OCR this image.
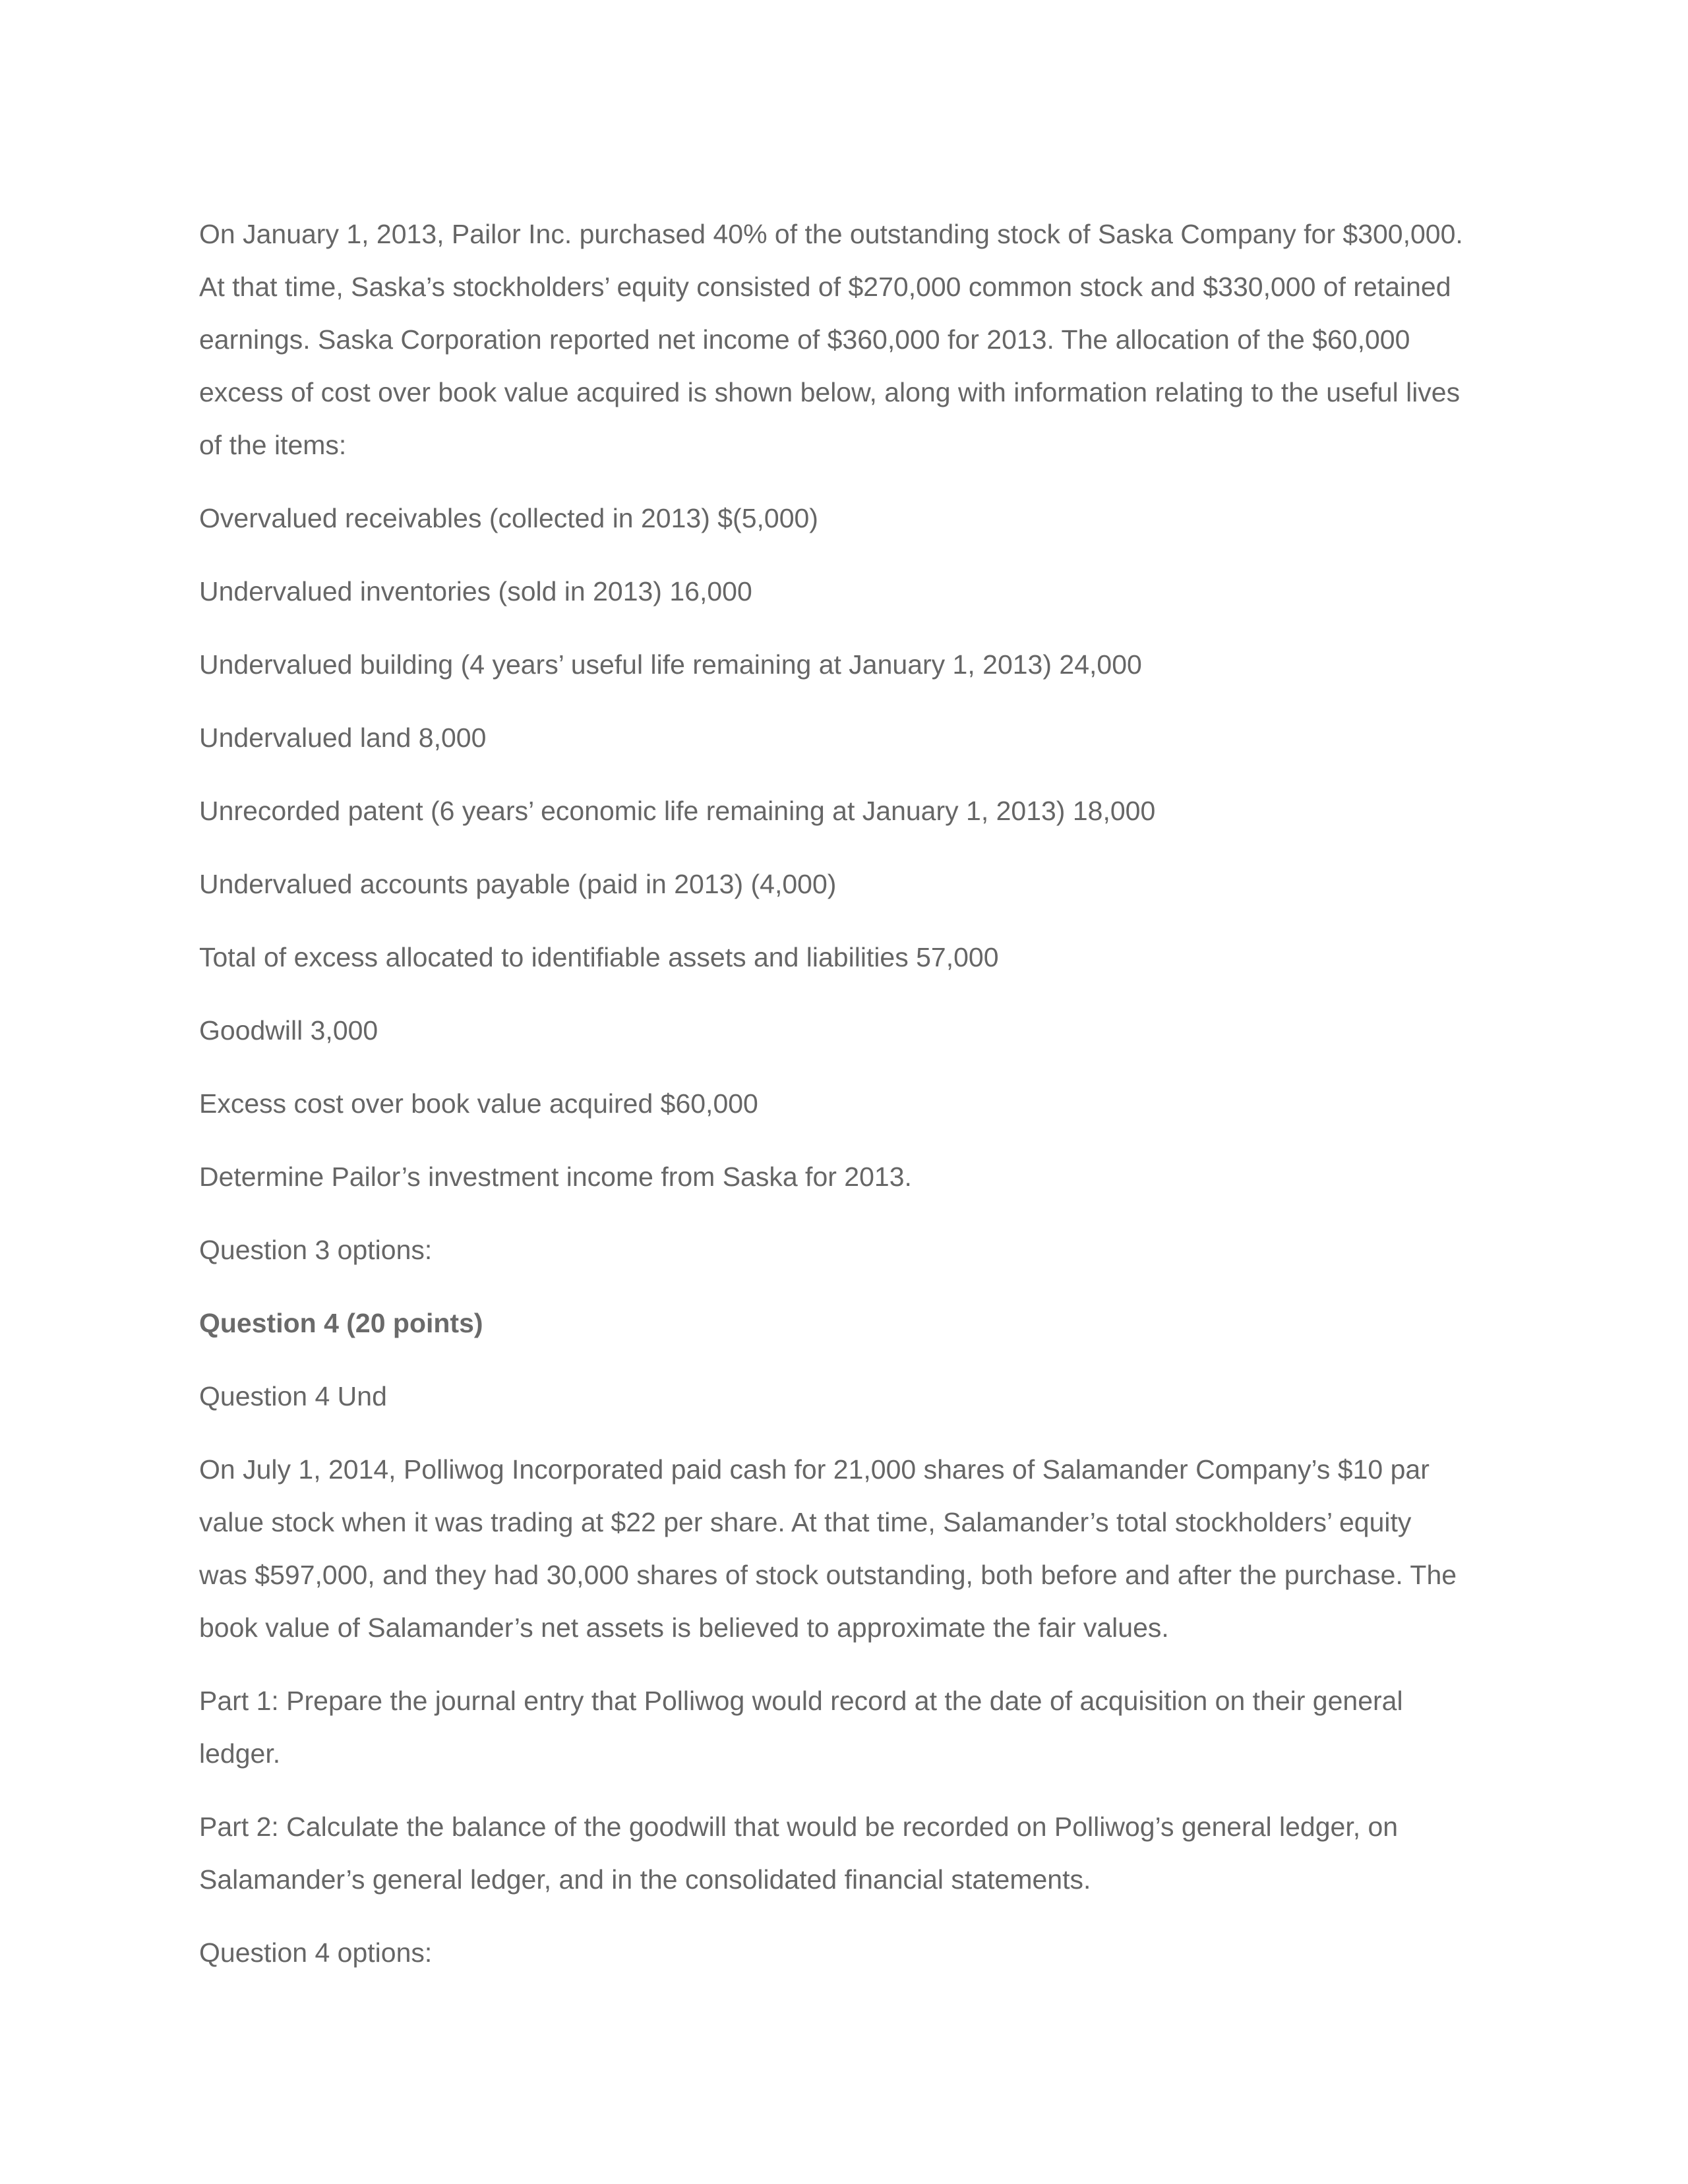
On January 1, 2013, Pailor Inc. purchased 40% of the outstanding stock of Saska Company for $300,000.

At that time, Saska’s stockholders’ equity consisted of $270,000 common stock and $330,000 of retained

earnings. Saska Corporation reported net income of $360,000 for 2013. The allocation of the $60,000

excess of cost over book value acquired is shown below, along with information relating to the useful lives

of the items:

Overvalued receivables (collected in 2013) $(5,000)

Undervalued inventories (sold in 2013) 16,000

Undervalued building (4 years’ useful life remaining at January 1, 2013) 24,000

Undervalued land 8,000

Unrecorded patent (6 years’ economic life remaining at January 1, 2013) 18,000

Undervalued accounts payable (paid in 2013) (4,000)

Total of excess allocated to identifiable assets and liabilities 57,000

Goodwill 3,000

Excess cost over book value acquired $60,000

Determine Pailor’s investment income from Saska for 2013.

Question 3 options:

Question 4 (20 points)

Question 4 Und

On July 1, 2014, Polliwog Incorporated paid cash for 21,000 shares of Salamander Company’s $10 par

value stock when it was trading at $22 per share. At that time, Salamander’s total stockholders’ equity

was $597,000, and they had 30,000 shares of stock outstanding, both before and after the purchase. The

book value of Salamander’s net assets is believed to approximate the fair values.

Part 1: Prepare the journal entry that Polliwog would record at the date of acquisition on their general

ledger.

Part 2: Calculate the balance of the goodwill that would be recorded on Polliwog’s general ledger, on

Salamander’s general ledger, and in the consolidated financial statements.

Question 4 options:
